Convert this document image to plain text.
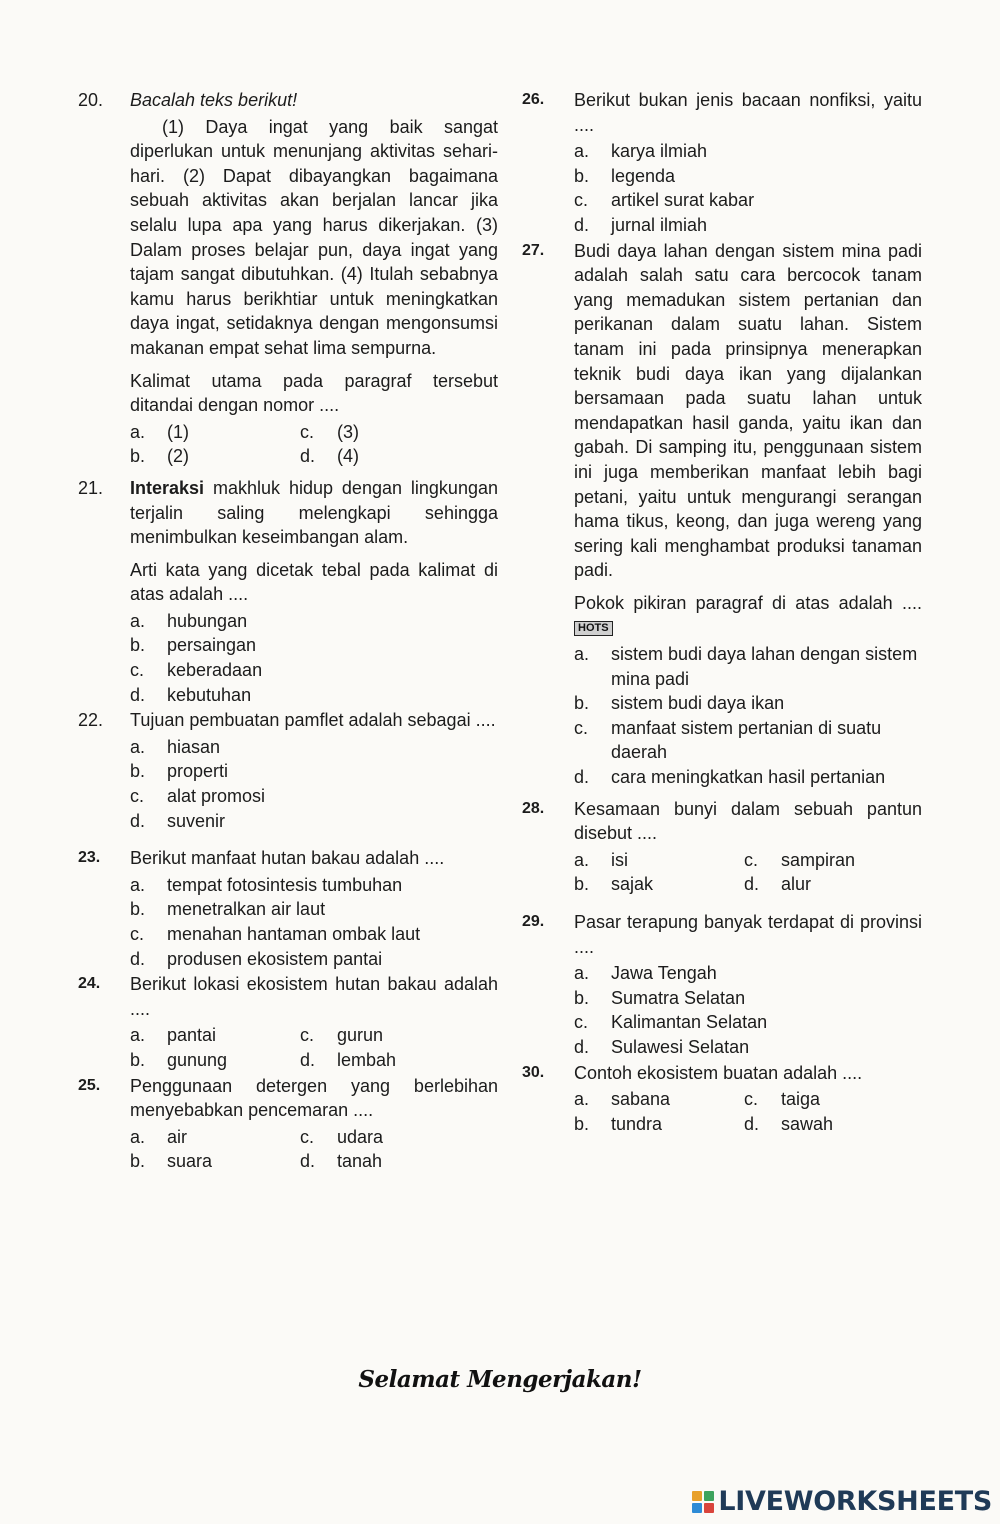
20. Bacalah teks berikut!
(1) Daya ingat yang baik sangat diperlukan untuk menunjang aktivitas sehari-hari. (2) Dapat dibayangkan bagaimana sebuah aktivitas akan berjalan lancar jika selalu lupa apa yang harus dikerjakan. (3) Dalam proses belajar pun, daya ingat yang tajam sangat dibutuhkan. (4) Itulah sebabnya kamu harus berikhtiar untuk meningkatkan daya ingat, setidaknya dengan mengonsumsi makanan empat sehat lima sempurna.
Kalimat utama pada paragraf tersebut ditandai dengan nomor ....
a. (1)	c. (3)
b. (2)	d. (4)
21. Interaksi makhluk hidup dengan lingkungan terjalin saling melengkapi sehingga menimbulkan keseimbangan alam.
Arti kata yang dicetak tebal pada kalimat di atas adalah ....
a. hubungan
b. persaingan
c. keberadaan
d. kebutuhan
22. Tujuan pembuatan pamflet adalah sebagai ....
a. hiasan
b. properti
c. alat promosi
d. suvenir
23. Berikut manfaat hutan bakau adalah ....
a. tempat fotosintesis tumbuhan
b. menetralkan air laut
c. menahan hantaman ombak laut
d. produsen ekosistem pantai
24. Berikut lokasi ekosistem hutan bakau adalah ....
a. pantai	c. gurun
b. gunung	d. lembah
25. Penggunaan detergen yang berlebihan menyebabkan pencemaran ....
a. air	c. udara
b. suara	d. tanah
26. Berikut bukan jenis bacaan nonfiksi, yaitu ....
a. karya ilmiah
b. legenda
c. artikel surat kabar
d. jurnal ilmiah
27. Budi daya lahan dengan sistem mina padi adalah salah satu cara bercocok tanam yang memadukan sistem pertanian dan perikanan dalam suatu lahan. Sistem tanam ini pada prinsipnya menerapkan teknik budi daya ikan yang dijalankan bersamaan pada suatu lahan untuk mendapatkan hasil ganda, yaitu ikan dan gabah. Di samping itu, penggunaan sistem ini juga memberikan manfaat lebih bagi petani, yaitu untuk mengurangi serangan hama tikus, keong, dan juga wereng yang sering kali menghambat produksi tanaman padi.
Pokok pikiran paragraf di atas adalah .... HOTS
a. sistem budi daya lahan dengan sistem mina padi
b. sistem budi daya ikan
c. manfaat sistem pertanian di suatu daerah
d. cara meningkatkan hasil pertanian
28. Kesamaan bunyi dalam sebuah pantun disebut ....
a. isi	c. sampiran
b. sajak	d. alur
29. Pasar terapung banyak terdapat di provinsi ....
a. Jawa Tengah
b. Sumatra Selatan
c. Kalimantan Selatan
d. Sulawesi Selatan
30. Contoh ekosistem buatan adalah ....
a. sabana	c. taiga
b. tundra	d. sawah
Selamat Mengerjakan!
LIVEWORKSHEETS
